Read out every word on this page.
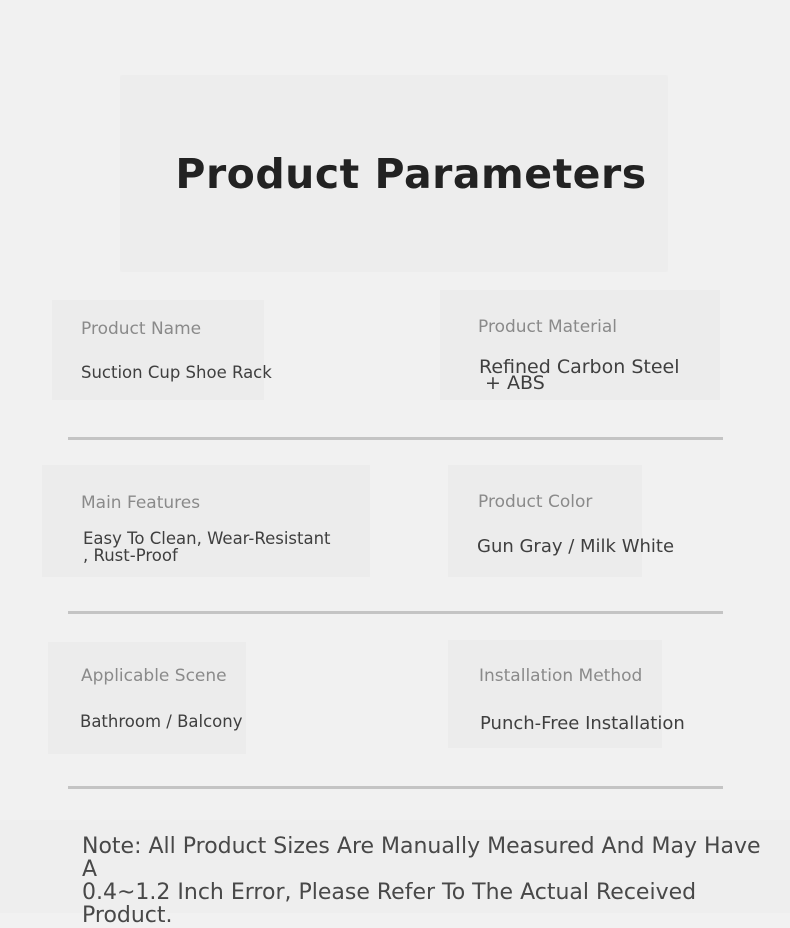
Product Parameters
Product Name
Suction Cup Shoe Rack
Product Material
Refined Carbon Steel
+ ABS
Main Features
Easy To Clean, Wear-Resistant
, Rust-Proof
Product Color
Gun Gray / Milk White
Applicable Scene
Bathroom / Balcony
Installation Method
Punch-Free Installation
Note: All Product Sizes Are Manually Measured And May Have A
0.4~1.2 Inch Error, Please Refer To The Actual Received Product.
